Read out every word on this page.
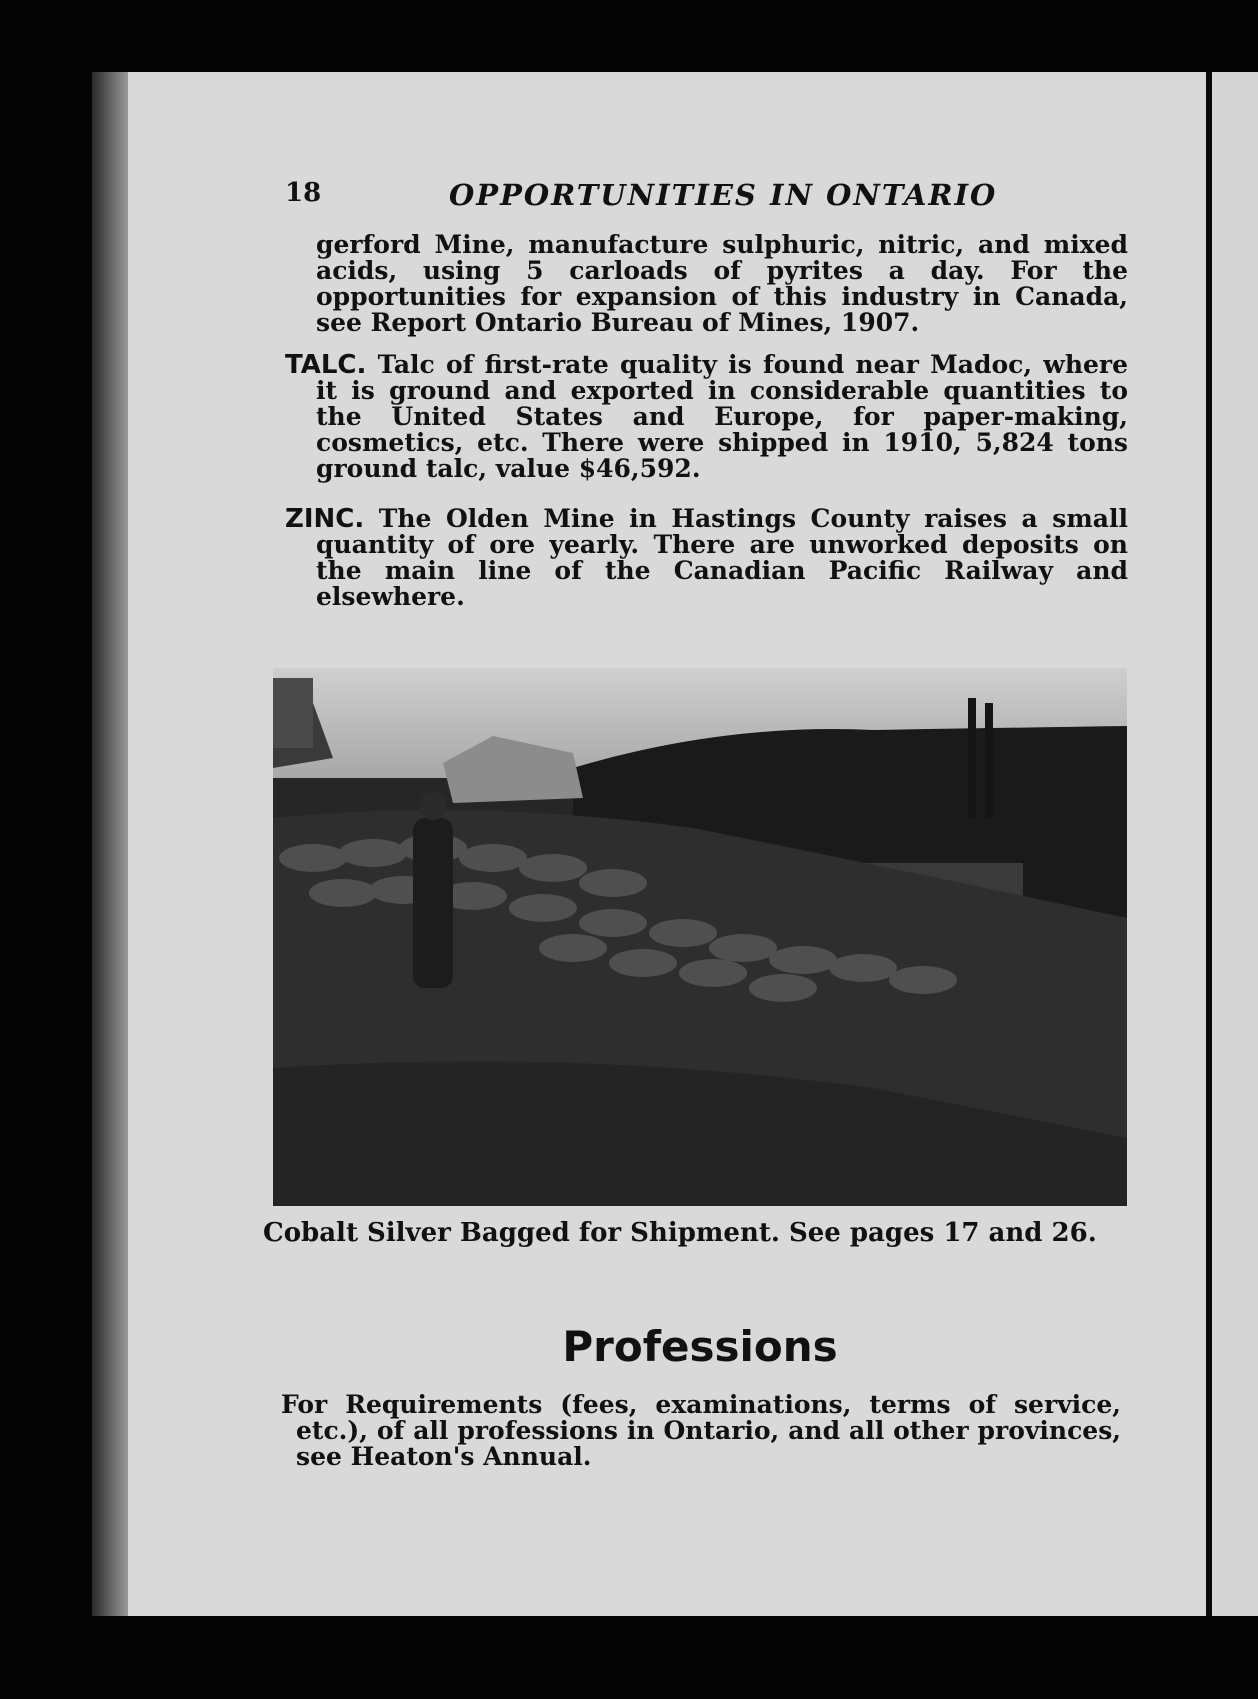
18	OPPORTUNITIES IN ONTARIO

gerford Mine, manufacture sulphuric, nitric, and mixed acids, using 5 carloads of pyrites a day. For the opportunities for expansion of this industry in Canada, see Report Ontario Bureau of Mines, 1907.

TALC. Talc of first-rate quality is found near Madoc, where it is ground and exported in considerable quantities to the United States and Europe, for paper-making, cosmetics, etc. There were shipped in 1910, 5,824 tons ground talc, value $46,592.

ZINC. The Olden Mine in Hastings County raises a small quantity of ore yearly. There are unworked deposits on the main line of the Canadian Pacific Railway and elsewhere.

Cobalt Silver Bagged for Shipment. See pages 17 and 26.
Professions

For Requirements (fees, examinations, terms of service, etc.), of all professions in Ontario, and all other provinces, see Heaton's Annual.
